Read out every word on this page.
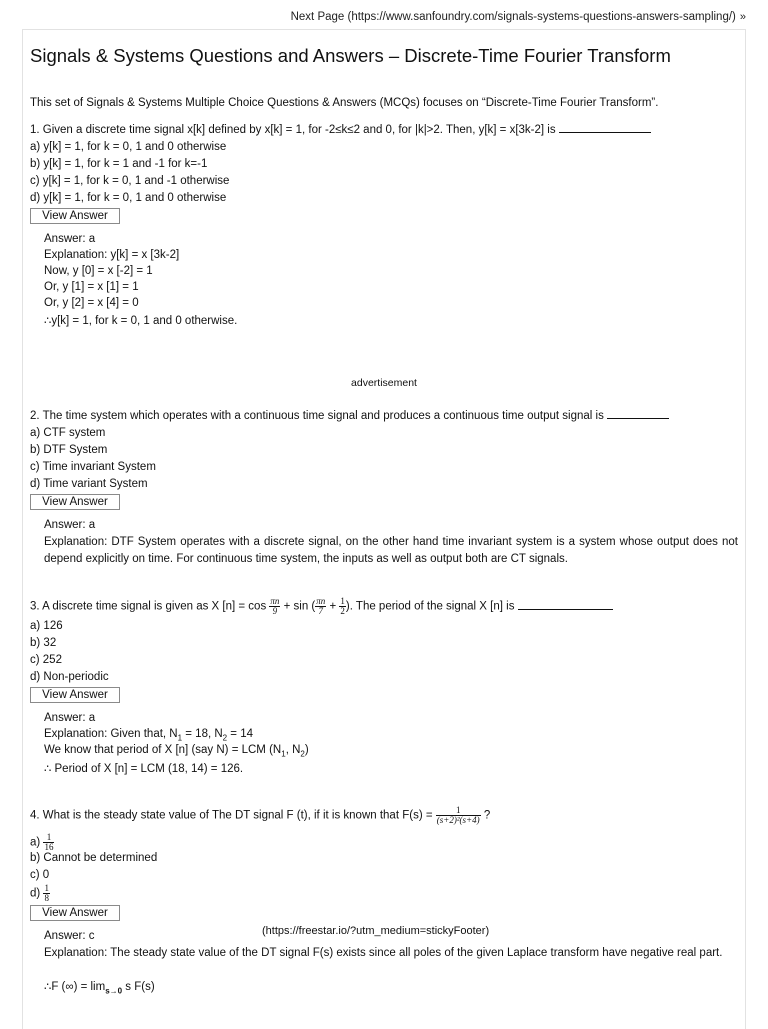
Next Page (https://www.sanfoundry.com/signals-systems-questions-answers-sampling/) »
Signals & Systems Questions and Answers – Discrete-Time Fourier Transform
This set of Signals & Systems Multiple Choice Questions & Answers (MCQs) focuses on “Discrete-Time Fourier Transform”.
1. Given a discrete time signal x[k] defined by x[k] = 1, for -2≤k≤2 and 0, for |k|>2. Then, y[k] = x[3k-2] is
a) y[k] = 1, for k = 0, 1 and 0 otherwise
b) y[k] = 1, for k = 1 and -1 for k=-1
c) y[k] = 1, for k = 0, 1 and -1 otherwise
d) y[k] = 1, for k = 0, 1 and 0 otherwise
View Answer
Answer: a
Explanation: y[k] = x [3k-2]
Now, y [0] = x [-2] = 1
Or, y [1] = x [1] = 1
Or, y [2] = x [4] = 0
∴y[k] = 1, for k = 0, 1 and 0 otherwise.
advertisement
2. The time system which operates with a continuous time signal and produces a continuous time output signal is
a) CTF system
b) DTF System
c) Time invariant System
d) Time variant System
View Answer
Answer: a
Explanation: DTF System operates with a discrete signal, on the other hand time invariant system is a system whose output does not depend explicitly on time. For continuous time system, the inputs as well as output both are CT signals.
3. A discrete time signal is given as X $[n] = \cos \frac{\pi n}{9} + \sin$ ( $\frac{\pi n}{7} + \frac{1}{2}$ ). The period of the signal X [n] is
a) 126
b) 32
c) 252
d) Non-periodic
View Answer
Answer: a
Explanation: Given that, $N_1 = 18$, $N_2 = 14$
We know that period of X [n] (say N) = LCM ($N_1$, $N_2$)
∴ Period of X [n] = LCM (18, 14) = 126.
4. What is the steady state value of The DT signal F (t), if it is known that $F(s) = \frac{1}{\text{(s+2)²(s+4)}}$ ?
$a) \frac{1}{16}$
b) Cannot be determined
c) 0
$d) \frac{1}{8}$
View Answer
(https://freestar.io/?utm_medium=stickyFooter)
Answer: c
Explanation: The steady state value of the DT signal F(s) exists since all poles of the given Laplace transform have negative real part.
∴F (∞) = $\lim_{s\to 0} s$ F(s)
